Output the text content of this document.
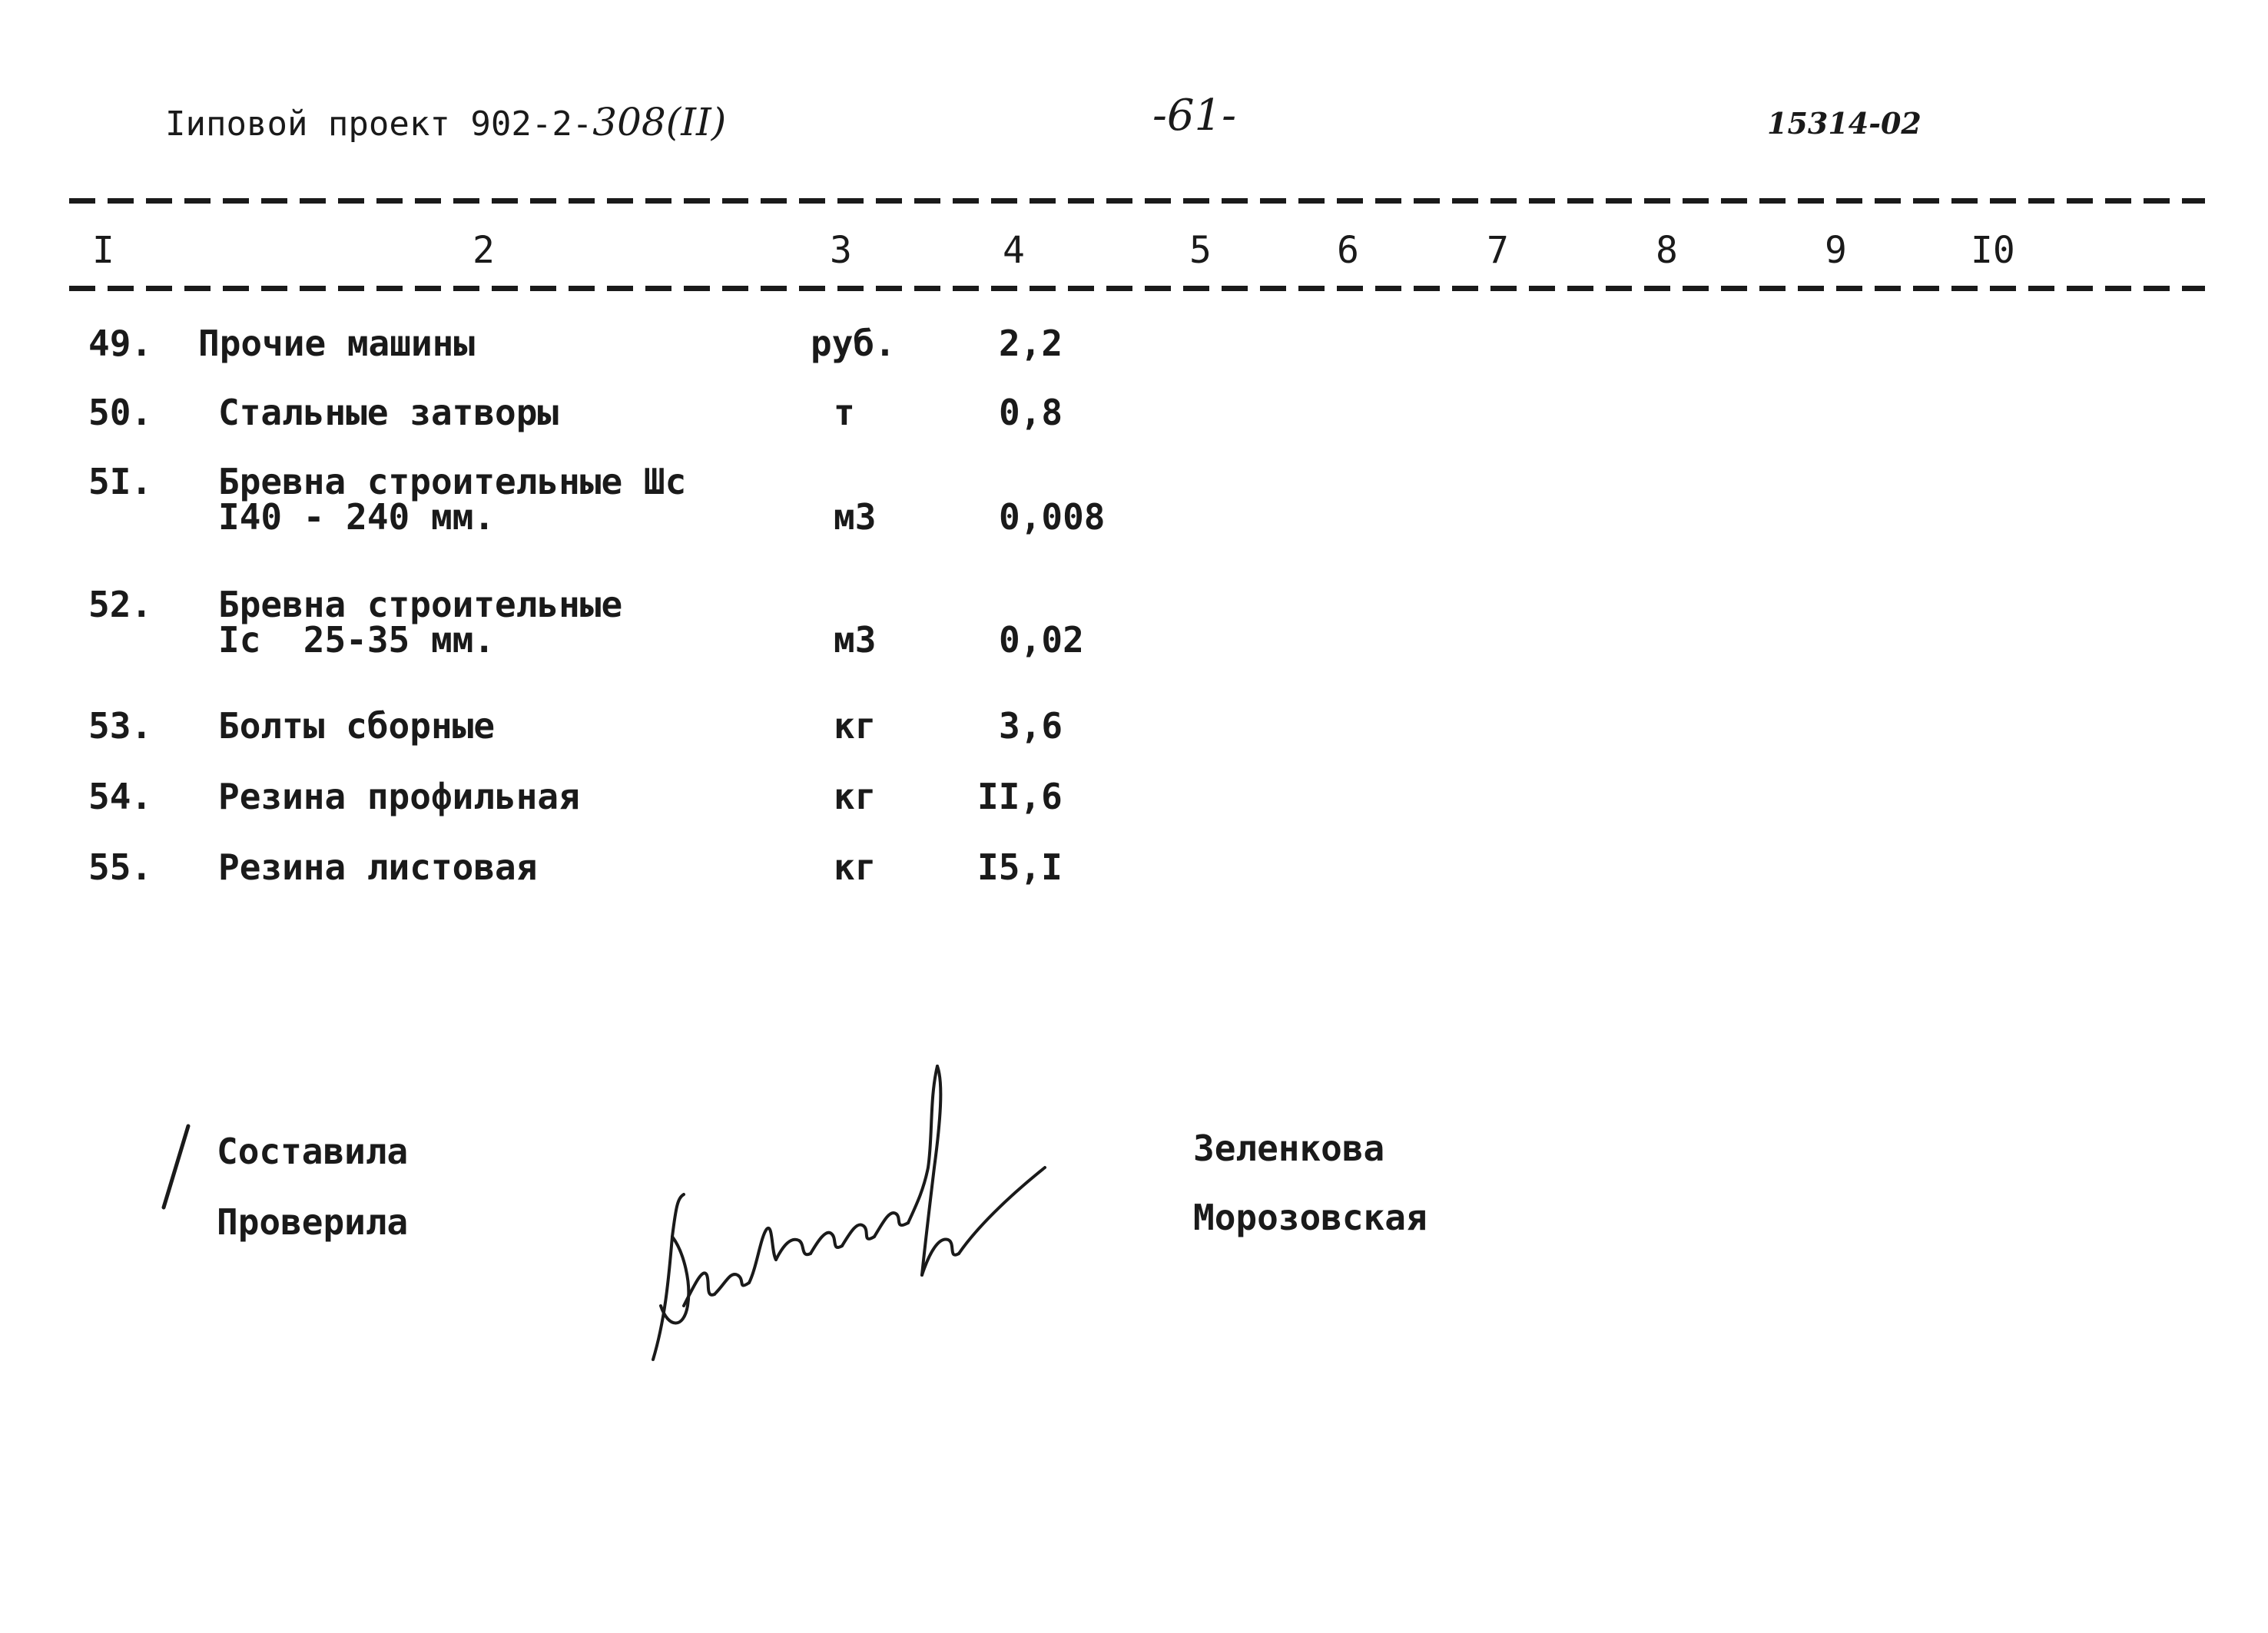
Iиповой проект 902-2-308(II)	-61-	15314-02
I	2	3	4	5	6	7	8	9	I0
49. Прочие машины	руб.	2,2
50. Стальные затворы	т	0,8
5I. Бревна строительные Шс
I40 - 240 мм.	м3	0,008
52. Бревна строительные
Iс  25-35 мм.	м3	0,02
53. Болты сборные	кг	3,6
54. Резина профильная	кг	II,6
55. Резина листовая	кг	I5,I
Составила
Проверила
Зеленкова
Морозовская
